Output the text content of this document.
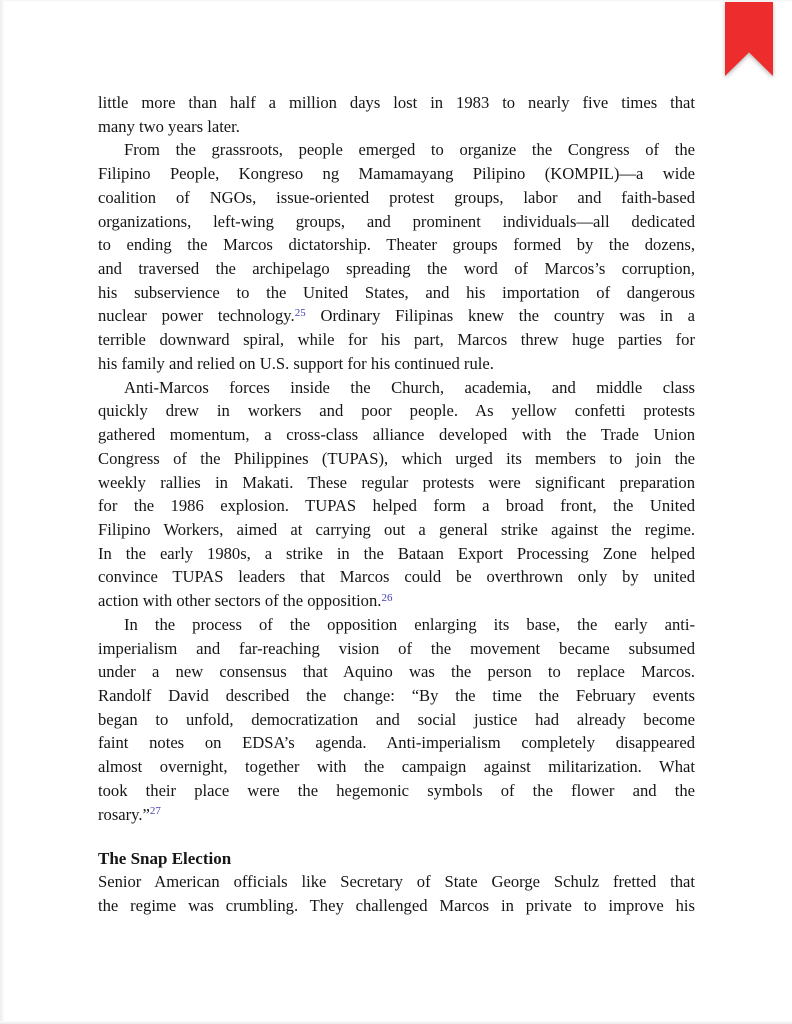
little more than half a million days lost in 1983 to nearly five times that
many two years later.
From the grassroots, people emerged to organize the Congress of the
Filipino People, Kongreso ng Mamamayang Pilipino (KOMPIL)—a wide
coalition of NGOs, issue-oriented protest groups, labor and faith-based
organizations, left-wing groups, and prominent individuals—all dedicated
to ending the Marcos dictatorship. Theater groups formed by the dozens,
and traversed the archipelago spreading the word of Marcos’s corruption,
his subservience to the United States, and his importation of dangerous
nuclear power technology.$^{25}$ Ordinary Filipinas knew the country was in a
terrible downward spiral, while for his part, Marcos threw huge parties for
his family and relied on U.S. support for his continued rule.
Anti-Marcos forces inside the Church, academia, and middle class
quickly drew in workers and poor people. As yellow confetti protests
gathered momentum, a cross-class alliance developed with the Trade Union
Congress of the Philippines (TUPAS), which urged its members to join the
weekly rallies in Makati. These regular protests were significant preparation
for the 1986 explosion. TUPAS helped form a broad front, the United
Filipino Workers, aimed at carrying out a general strike against the regime.
In the early 1980s, a strike in the Bataan Export Processing Zone helped
convince TUPAS leaders that Marcos could be overthrown only by united
action with other sectors of the opposition.$^{26}$
In the process of the opposition enlarging its base, the early anti-
imperialism and far-reaching vision of the movement became subsumed
under a new consensus that Aquino was the person to replace Marcos.
Randolf David described the change: “By the time the February events
began to unfold, democratization and social justice had already become
faint notes on EDSA’s agenda. Anti-imperialism completely disappeared
almost overnight, together with the campaign against militarization. What
took their place were the hegemonic symbols of the flower and the
rosary.”$^{27}$
The Snap Election
Senior American officials like Secretary of State George Schulz fretted that
the regime was crumbling. They challenged Marcos in private to improve his
